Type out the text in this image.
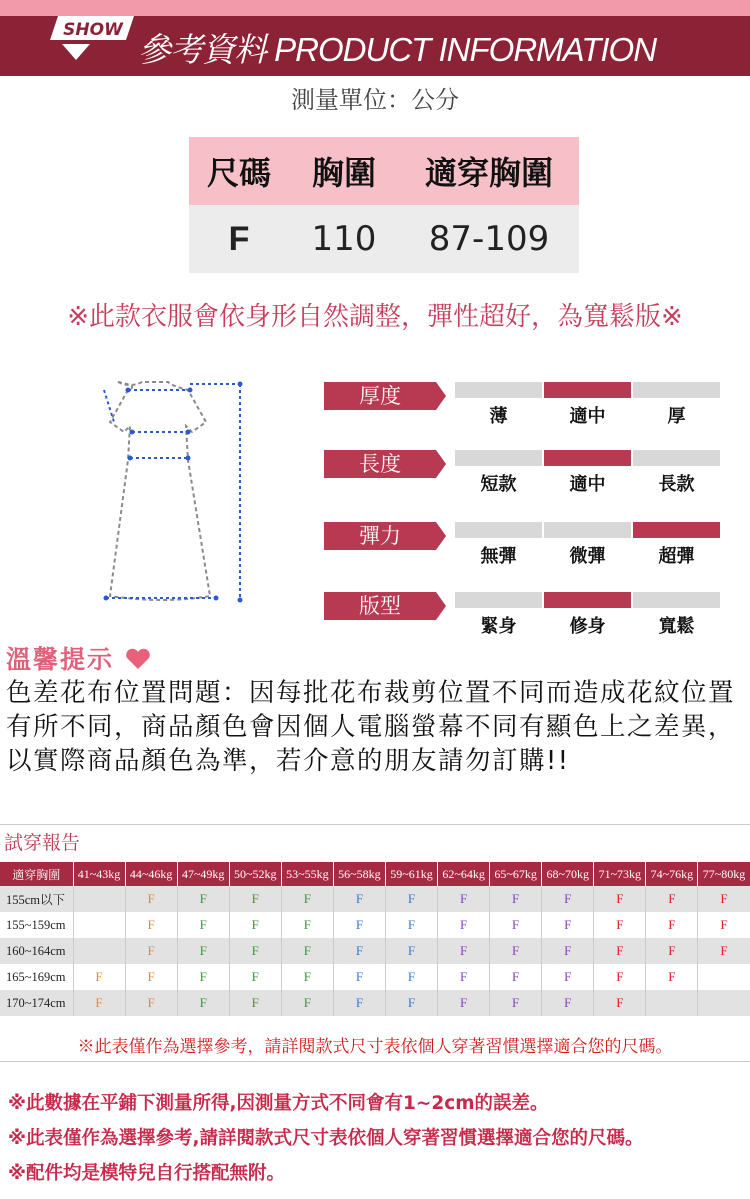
SHOW
參考資料 PRODUCT INFORMATION
測量單位：公分
尺碼	胸圍	適穿胸圍
F	110	87-109
※此款衣服會依身形自然調整，彈性超好，為寬鬆版※
厚度
薄	適中	厚
長度
短款	適中	長款
彈力
無彈	微彈	超彈
版型
緊身	修身	寬鬆
溫馨提示
色差花布位置問題：因每批花布裁剪位置不同而造成花紋位置有所不同，商品顏色會因個人電腦螢幕不同有顯色上之差異，以實際商品顏色為準，若介意的朋友請勿訂購!!
試穿報告
適穿胸圍	41~43kg	44~46kg	47~49kg	50~52kg	53~55kg	56~58kg	59~61kg	62~64kg	65~67kg	68~70kg	71~73kg	74~76kg	77~80kg
155cm以下		F	F	F	F	F	F	F	F	F	F	F	F
155~159cm		F	F	F	F	F	F	F	F	F	F	F	F
160~164cm		F	F	F	F	F	F	F	F	F	F	F	F
165~169cm	F	F	F	F	F	F	F	F	F	F	F	F	
170~174cm	F	F	F	F	F	F	F	F	F	F	F		
※此表僅作為選擇參考，請詳閱款式尺寸表依個人穿著習慣選擇適合您的尺碼。
※此數據在平鋪下測量所得,因測量方式不同會有1~2cm的誤差。
※此表僅作為選擇參考,請詳閱款式尺寸表依個人穿著習慣選擇適合您的尺碼。
※配件均是模特兒自行搭配無附。
